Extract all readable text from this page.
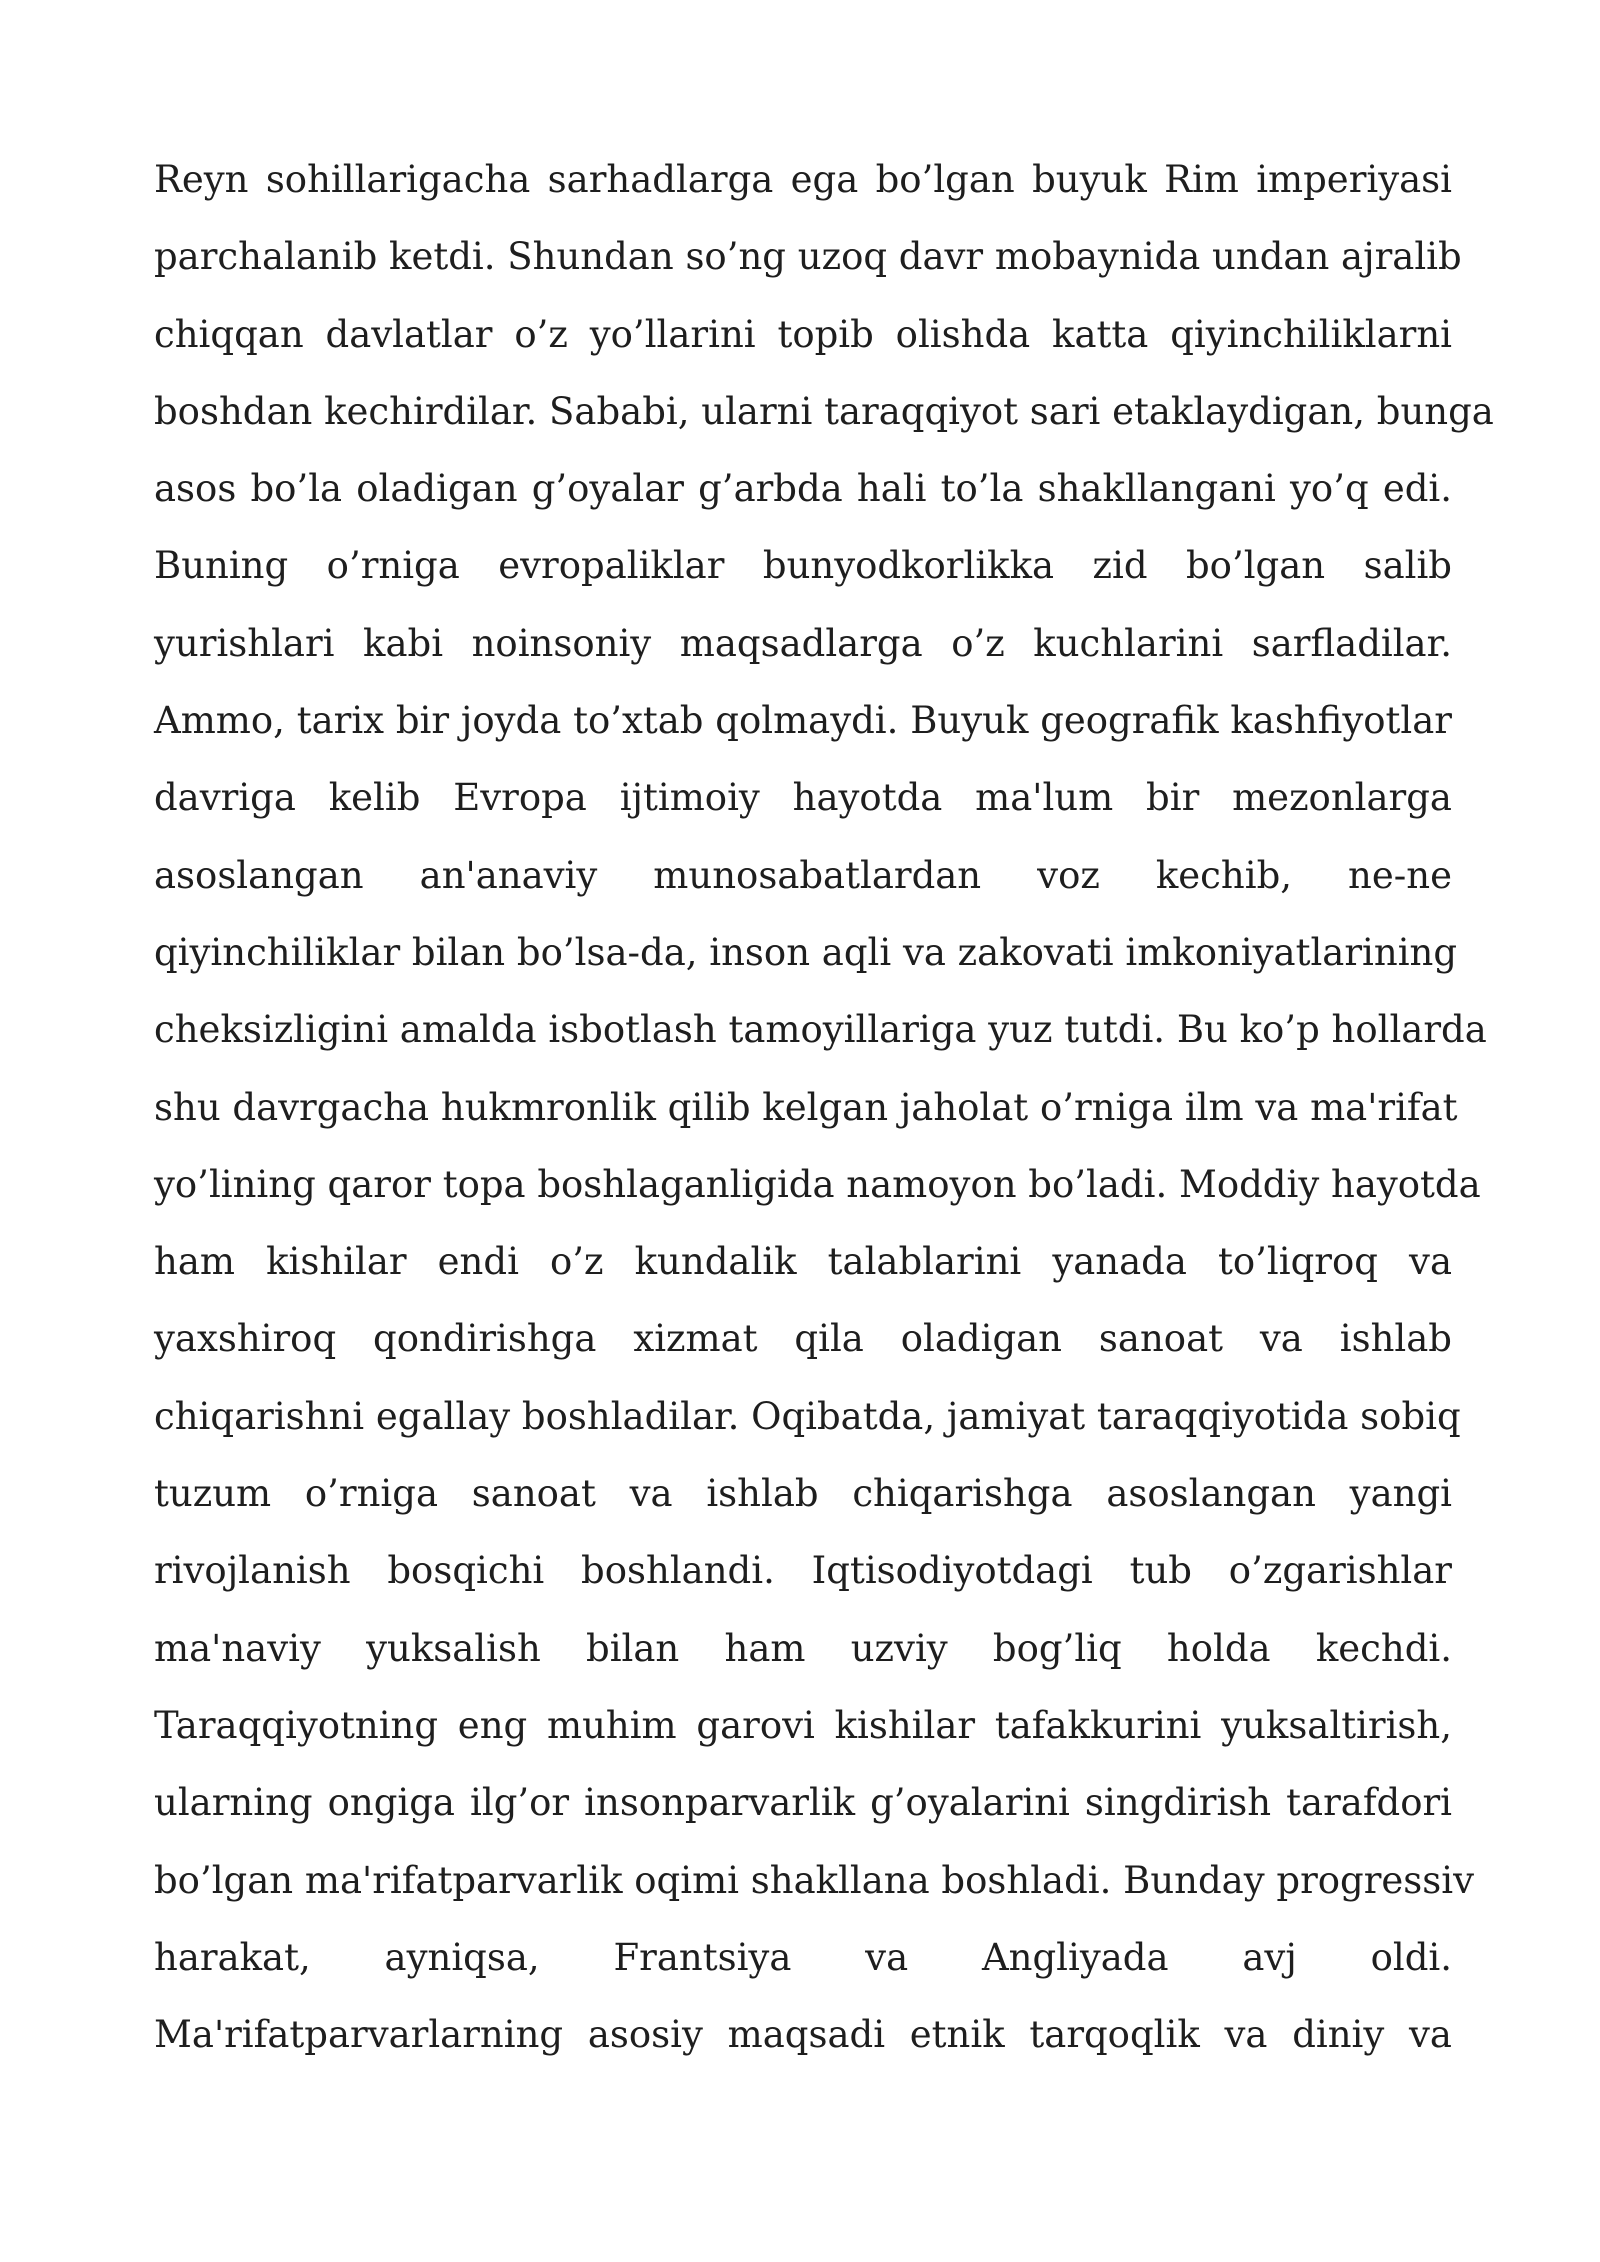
Reyn sohillarigacha sarhadlarga ega bo’lgan buyuk Rim imperiyasi
parchalanib ketdi. Shundan so’ng uzoq davr mobaynida undan ajralib
chiqqan davlatlar o’z yo’llarini topib olishda katta qiyinchiliklarni
boshdan kechirdilar. Sababi, ularni taraqqiyot sari etaklaydigan, bunga
asos bo’la oladigan g’oyalar g’arbda hali to’la shakllangani yo’q edi.
Buning o’rniga evropaliklar bunyodkorlikka zid bo’lgan salib
yurishlari kabi noinsoniy maqsadlarga o’z kuchlarini sarfladilar.
Ammo, tarix bir joyda to’xtab qolmaydi. Buyuk geografik kashfiyotlar
davriga kelib Evropa ijtimoiy hayotda ma'lum bir mezonlarga
asoslangan an'anaviy munosabatlardan voz kechib, ne-ne
qiyinchiliklar bilan bo’lsa-da, inson aqli va zakovati imkoniyatlarining
cheksizligini amalda isbotlash tamoyillariga yuz tutdi. Bu ko’p hollarda
shu davrgacha hukmronlik qilib kelgan jaholat o’rniga ilm va ma'rifat
yo’lining qaror topa boshlaganligida namoyon bo’ladi. Moddiy hayotda
ham kishilar endi o’z kundalik talablarini yanada to’liqroq va
yaxshiroq qondirishga xizmat qila oladigan sanoat va ishlab
chiqarishni egallay boshladilar. Oqibatda, jamiyat taraqqiyotida sobiq
tuzum o’rniga sanoat va ishlab chiqarishga asoslangan yangi
rivojlanish bosqichi boshlandi. Iqtisodiyotdagi tub o’zgarishlar
ma'naviy yuksalish bilan ham uzviy bog’liq holda kechdi.
Taraqqiyotning eng muhim garovi kishilar tafakkurini yuksaltirish,
ularning ongiga ilg’or insonparvarlik g’oyalarini singdirish tarafdori
bo’lgan ma'rifatparvarlik oqimi shakllana boshladi. Bunday progressiv
harakat, ayniqsa, Frantsiya va Angliyada avj oldi.
Ma'rifatparvarlarning asosiy maqsadi etnik tarqoqlik va diniy va
